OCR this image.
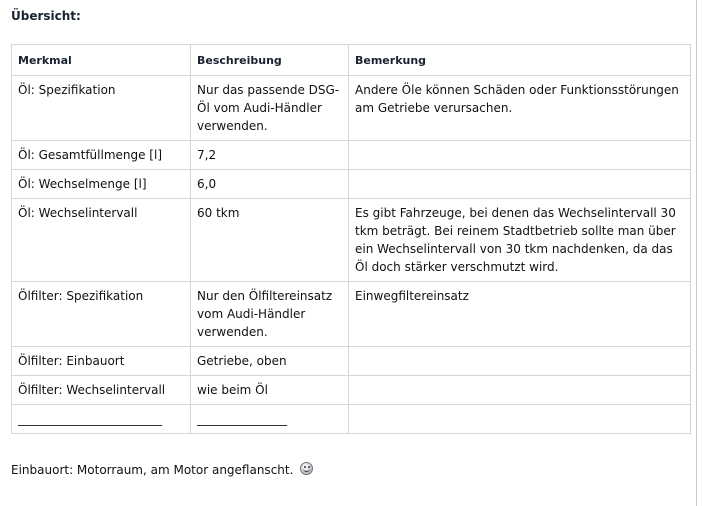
Übersicht:
Merkmal	Beschreibung	Bemerkung
Öl: Spezifikation	Nur das passende DSG-Öl vom Audi-Händler verwenden.	Andere Öle können Schäden oder Funktionsstörungen am Getriebe verursachen.
Öl: Gesamtfüllmenge [l]	7,2	
Öl: Wechselmenge [l]	6,0	
Öl: Wechselintervall	60 tkm	Es gibt Fahrzeuge, bei denen das Wechselintervall 30 tkm beträgt. Bei reinem Stadtbetrieb sollte man über ein Wechselintervall von 30 tkm nachdenken, da das Öl doch stärker verschmutzt wird.
Ölfilter: Spezifikation	Nur den Ölfiltereinsatz vom Audi-Händler verwenden.	Einwegfiltereinsatz
Ölfilter: Einbauort	Getriebe, oben	
Ölfilter: Wechselintervall	wie beim Öl	
________________________	_______________	
Einbauort: Motorraum, am Motor angeflanscht.
